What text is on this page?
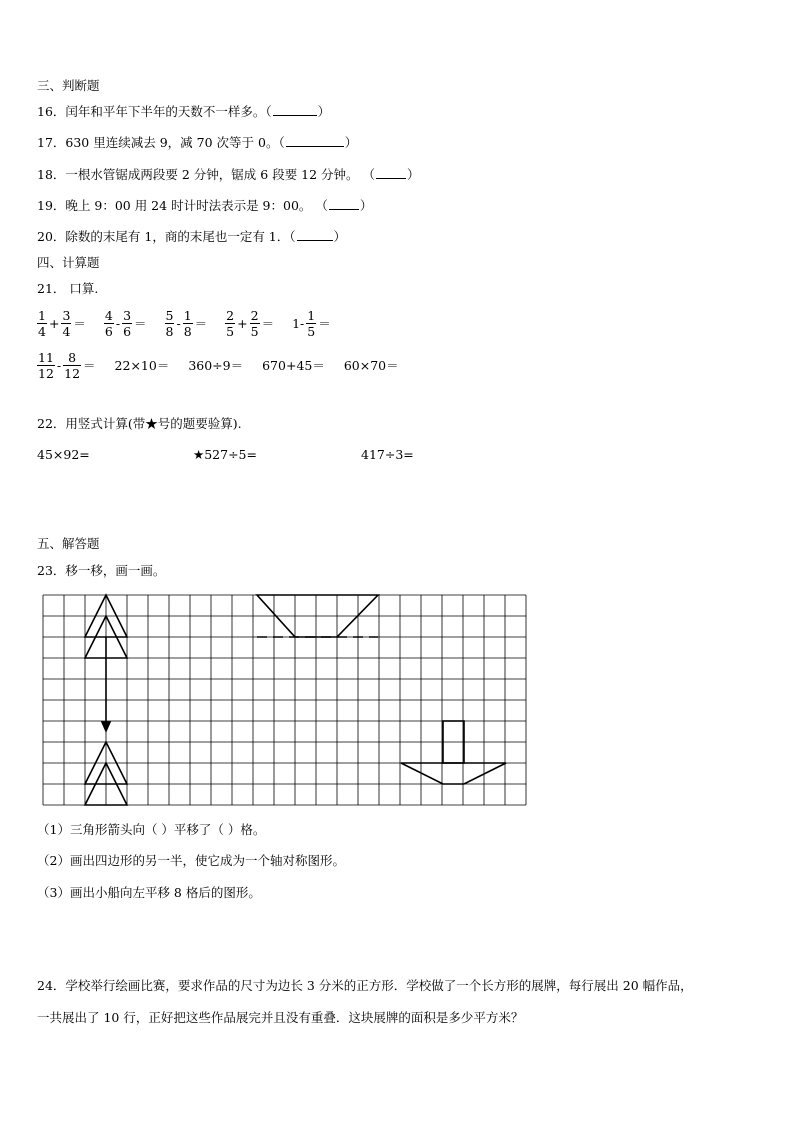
三、判断题
16．闰年和平年下半年的天数不一样多。（	）
17．630 里连续减去 9，减 70 次等于 0。（	）
18．一根水管锯成两段要 2 分钟，锯成 6 段要 12 分钟。 （	）
19．晚上 9：00 用 24 时计时法表示是 9：00。 （	）
20．除数的末尾有 1，商的末尾也一定有 1．（	）
四、计算题
21． 口算.
$\frac{1}{4} + \frac{3}{4} = \frac{4}{6} - \frac{3}{6} = \frac{5}{8} - \frac{1}{8} = \frac{2}{5} + \frac{2}{5} = 1- \frac{1}{5}$ ＝
$\frac{11}{12} - \frac{8}{12} = 22\times 10= 360\div 9= 670+45= 60\times 70=$
22．用竖式计算(带★号的题要验算).
45×92=	★527÷5=	417÷3=
五、解答题
23．移一移，画一画。
（1）三角形箭头向（ ）平移了（ ）格。
（2）画出四边形的另一半，使它成为一个轴对称图形。
（3）画出小船向左平移 8 格后的图形。
24．学校举行绘画比赛，要求作品的尺寸为边长 3 分米的正方形．学校做了一个长方形的展牌，每行展出 20 幅作品，
一共展出了 10 行，正好把这些作品展完并且没有重叠．这块展牌的面积是多少平方米？
